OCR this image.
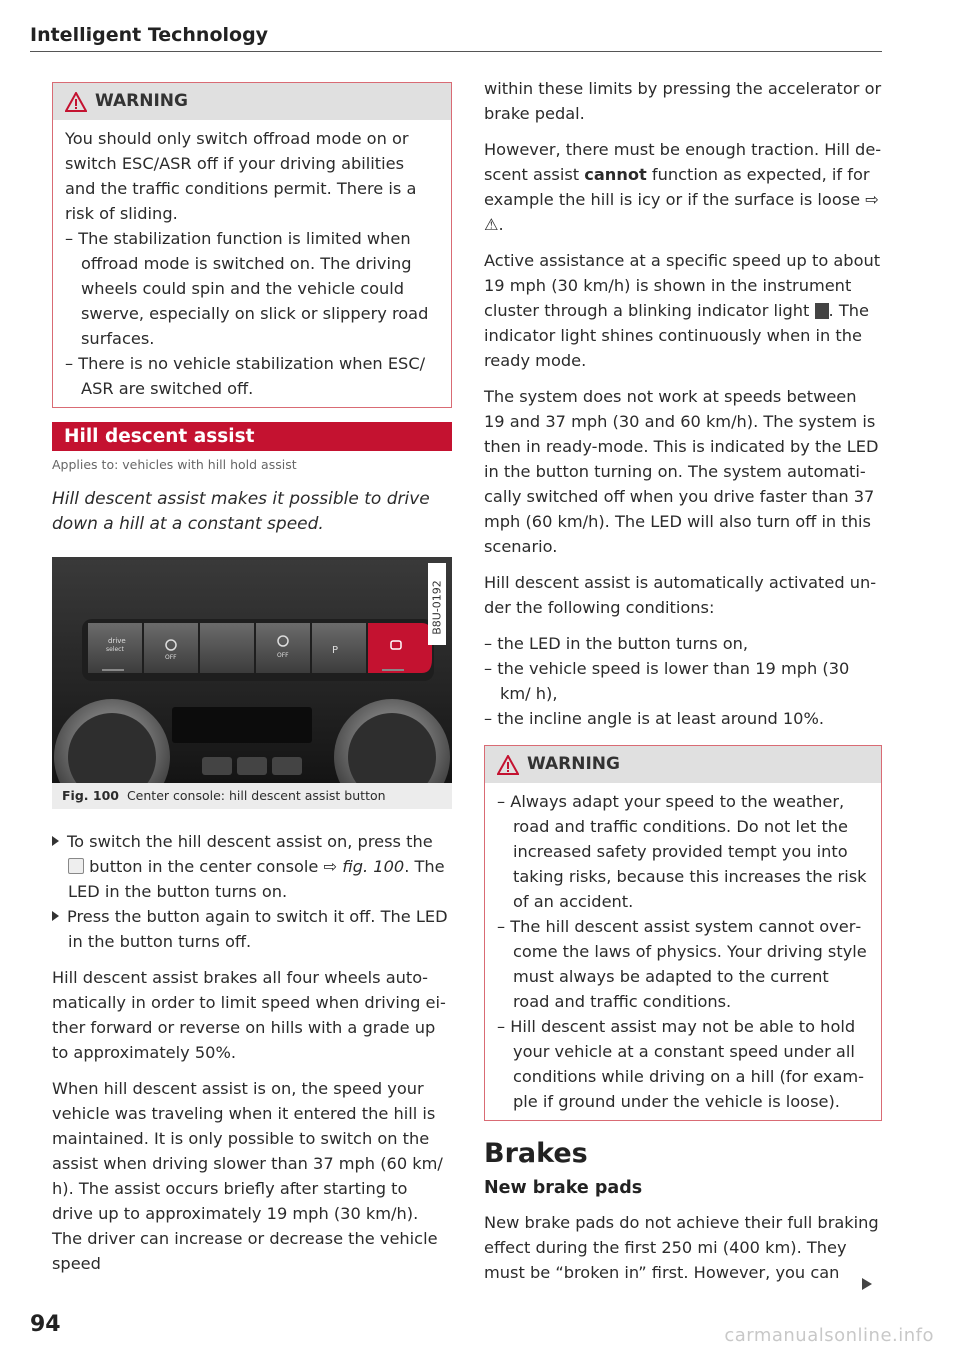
Intelligent Technology
WARNING

You should only switch offroad mode on or switch ESC/ASR off if your driving abilities and the traffic conditions permit. There is a risk of sliding.

– The stabilization function is limited when offroad mode is switched on. The driving wheels could spin and the vehicle could swerve, especially on slick or slippery road surfaces.
– There is no vehicle stabilization when ESC/ ASR are switched off.
Hill descent assist
Applies to: vehicles with hill hold assist
Hill descent assist makes it possible to drive down a hill at a constant speed.
drive
select
OFF	OFF	P
B8U-0192
Fig. 100 Center console: hill descent assist button
To switch the hill descent assist on, press the  button in the center console ⇨ fig. 100. The LED in the button turns on.
Press the button again to switch it off. The LED in the button turns off.

Hill descent assist brakes all four wheels automatically in order to limit speed when driving either forward or reverse on hills with a grade up to approximately 50%.

When hill descent assist is on, the speed your vehicle was traveling when it entered the hill is maintained. It is only possible to switch on the assist when driving slower than 37 mph (60 km/ h). The assist occurs briefly after starting to drive up to approximately 19 mph (30 km/h). The driver can increase or decrease the vehicle speed

within these limits by pressing the accelerator or brake pedal.

However, there must be enough traction. Hill descent assist cannot function as expected, if for example the hill is icy or if the surface is loose ⇨ ⚠.

Active assistance at a specific speed up to about 19 mph (30 km/h) is shown in the instrument cluster through a blinking indicator light . The indicator light shines continuously when in the ready mode.

The system does not work at speeds between 19 and 37 mph (30 and 60 km/h). The system is then in ready-mode. This is indicated by the LED in the button turning on. The system automatically switched off when you drive faster than 37 mph (60 km/h). The LED will also turn off in this scenario.

Hill descent assist is automatically activated under the following conditions:

– the LED in the button turns on,
– the vehicle speed is lower than 19 mph (30 km/ h),
– the incline angle is at least around 10%.
WARNING
– Always adapt your speed to the weather, road and traffic conditions. Do not let the increased safety provided tempt you into taking risks, because this increases the risk of an accident.
– The hill descent assist system cannot overcome the laws of physics. Your driving style must always be adapted to the current road and traffic conditions.
– Hill descent assist may not be able to hold your vehicle at a constant speed under all conditions while driving on a hill (for example if ground under the vehicle is loose).
Brakes
New brake pads

New brake pads do not achieve their full braking effect during the first 250 mi (400 km). They must be “broken in” first. However, you can

94	carmanualsonline.info
